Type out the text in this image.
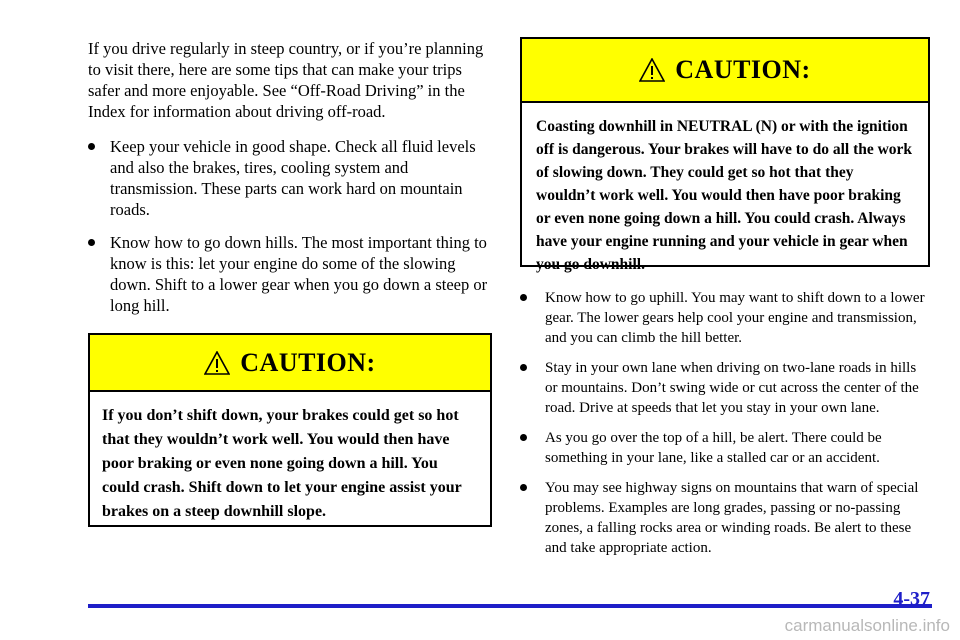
If you drive regularly in steep country, or if you’re planning to visit there, here are some tips that can make your trips safer and more enjoyable. See “Off-Road Driving” in the Index for information about driving off-road.

Keep your vehicle in good shape. Check all fluid levels and also the brakes, tires, cooling system and transmission. These parts can work hard on mountain roads.
Know how to go down hills. The most important thing to know is this: let your engine do some of the slowing down. Shift to a lower gear when you go down a steep or long hill.
CAUTION:
If you don’t shift down, your brakes could get so hot that they wouldn’t work well. You would then have poor braking or even none going down a hill. You could crash. Shift down to let your engine assist your brakes on a steep downhill slope.
CAUTION:
Coasting downhill in NEUTRAL (N) or with the ignition off is dangerous. Your brakes will have to do all the work of slowing down. They could get so hot that they wouldn’t work well. You would then have poor braking or even none going down a hill. You could crash. Always have your engine running and your vehicle in gear when you go downhill.
Know how to go uphill. You may want to shift down to a lower gear. The lower gears help cool your engine and transmission, and you can climb the hill better.
Stay in your own lane when driving on two-lane roads in hills or mountains. Don’t swing wide or cut across the center of the road. Drive at speeds that let you stay in your own lane.
As you go over the top of a hill, be alert. There could be something in your lane, like a stalled car or an accident.
You may see highway signs on mountains that warn of special problems. Examples are long grades, passing or no-passing zones, a falling rocks area or winding roads. Be alert to these and take appropriate action.
4-37
carmanualsonline.info
